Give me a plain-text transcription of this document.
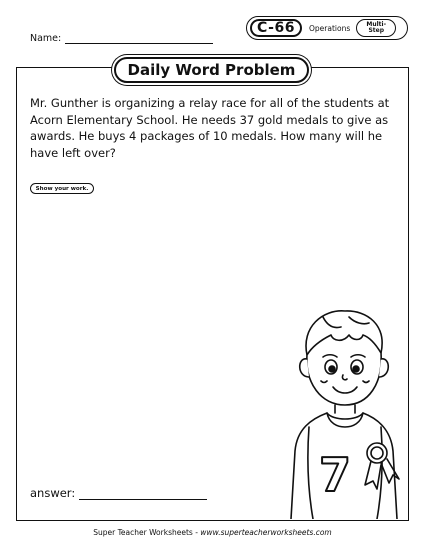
Name:
C-66	Operations	Multi-
Step
Daily Word Problem
Mr. Gunther is organizing a relay race for all of the students at Acorn Elementary School. He needs 37 gold medals to give as awards. He buys 4 packages of 10 medals. How many will he have left over?
Show your work.
answer:	7
Super Teacher Worksheets - www.superteacherworksheets.com
